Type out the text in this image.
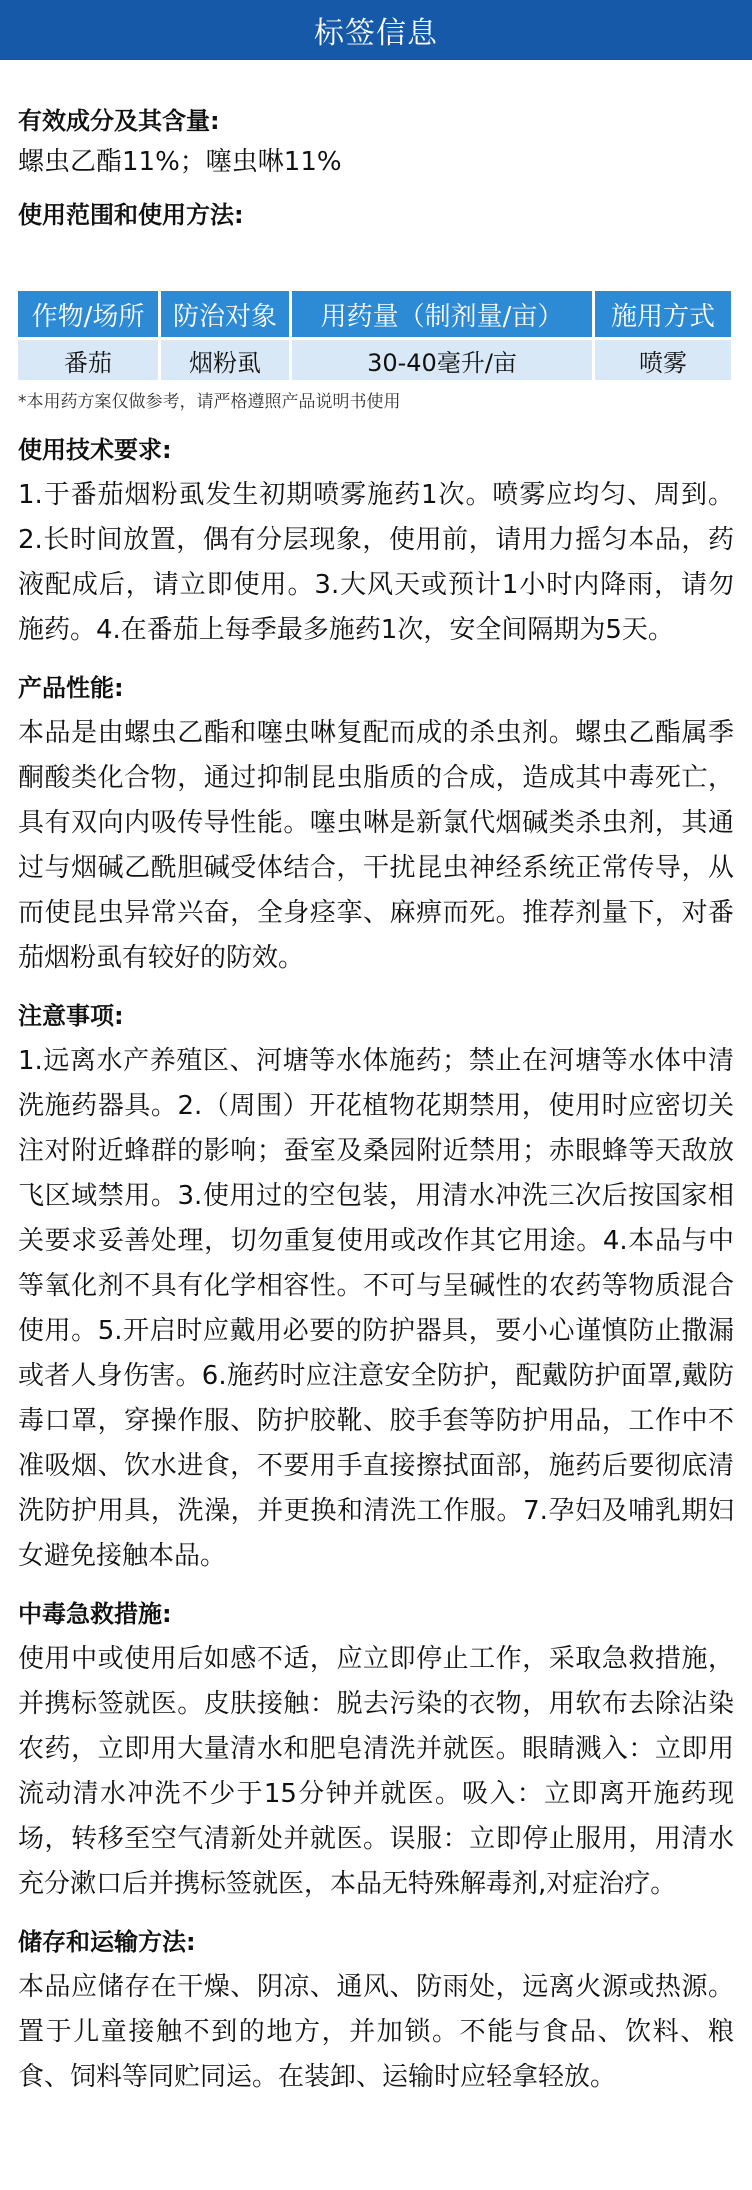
标签信息
有效成分及其含量:

螺虫乙酯11%；噻虫啉11%

使用范围和使用方法:
作物/场所	防治对象	用药量（制剂量/亩）	施用方式
番茄	烟粉虱	30-40毫升/亩	喷雾

*本用药方案仅做参考，请严格遵照产品说明书使用

使用技术要求:

1.于番茄烟粉虱发生初期喷雾施药1次。喷雾应均匀、周到。2.长时间放置，偶有分层现象，使用前，请用力摇匀本品，药液配成后，请立即使用。3.大风天或预计1小时内降雨，请勿施药。4.在番茄上每季最多施药1次，安全间隔期为5天。

产品性能:

本品是由螺虫乙酯和噻虫啉复配而成的杀虫剂。螺虫乙酯属季酮酸类化合物，通过抑制昆虫脂质的合成，造成其中毒死亡，具有双向内吸传导性能。噻虫啉是新氯代烟碱类杀虫剂，其通过与烟碱乙酰胆碱受体结合，干扰昆虫神经系统正常传导，从而使昆虫异常兴奋，全身痉挛、麻痹而死。推荐剂量下，对番茄烟粉虱有较好的防效。

注意事项:

1.远离水产养殖区、河塘等水体施药；禁止在河塘等水体中清洗施药器具。2.（周围）开花植物花期禁用，使用时应密切关注对附近蜂群的影响；蚕室及桑园附近禁用；赤眼蜂等天敌放飞区域禁用。3.使用过的空包装，用清水冲洗三次后按国家相关要求妥善处理，切勿重复使用或改作其它用途。4.本品与中等氧化剂不具有化学相容性。不可与呈碱性的农药等物质混合使用。5.开启时应戴用必要的防护器具，要小心谨慎防止撒漏或者人身伤害。6.施药时应注意安全防护，配戴防护面罩,戴防毒口罩，穿操作服、防护胶靴、胶手套等防护用品，工作中不准吸烟、饮水进食，不要用手直接擦拭面部，施药后要彻底清洗防护用具，洗澡，并更换和清洗工作服。7.孕妇及哺乳期妇女避免接触本品。

中毒急救措施:

使用中或使用后如感不适，应立即停止工作，采取急救措施，并携标签就医。皮肤接触：脱去污染的衣物，用软布去除沾染农药，立即用大量清水和肥皂清洗并就医。眼睛溅入：立即用流动清水冲洗不少于15分钟并就医。吸入：立即离开施药现场，转移至空气清新处并就医。误服：立即停止服用，用清水充分漱口后并携标签就医，本品无特殊解毒剂,对症治疗。

储存和运输方法:

本品应储存在干燥、阴凉、通风、防雨处，远离火源或热源。置于儿童接触不到的地方，并加锁。不能与食品、饮料、粮食、饲料等同贮同运。在装卸、运输时应轻拿轻放。
